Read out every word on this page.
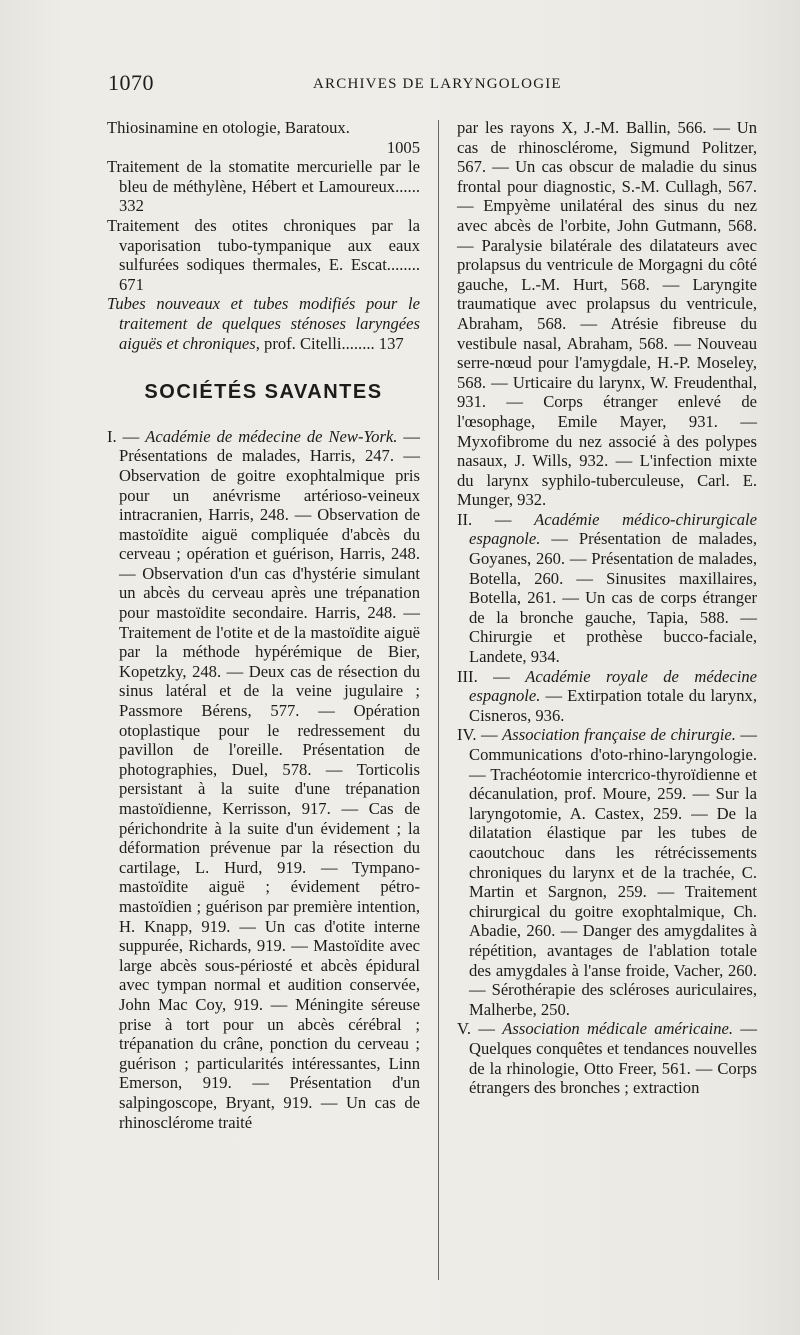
1070	ARCHIVES DE LARYNGOLOGIE

Thiosinamine en otologie, Baratoux.

1005

Traitement de la stomatite mercurielle par le bleu de méthylène, Hébert et Lamoureux...... 332

Traitement des otites chroniques par la vaporisation tubo-tympanique aux eaux sulfurées sodiques thermales, E. Escat........ 671

Tubes nouveaux et tubes modifiés pour le traitement de quelques sténoses laryngées aiguës et chroniques, prof. Citelli........ 137

SOCIÉTÉS SAVANTES

I. — Académie de médecine de New-York. — Présentations de malades, Harris, 247. — Observation de goitre exophtalmique pris pour un anévrisme artérioso-veineux intracranien, Harris, 248. — Observation de mastoïdite aiguë compliquée d'abcès du cerveau ; opération et guérison, Harris, 248. — Observation d'un cas d'hystérie simulant un abcès du cerveau après une trépanation pour mastoïdite secondaire. Harris, 248. — Traitement de l'otite et de la mastoïdite aiguë par la méthode hypérémique de Bier, Kopetzky, 248. — Deux cas de résection du sinus latéral et de la veine jugulaire ; Passmore Bérens, 577. — Opération otoplastique pour le redressement du pavillon de l'oreille. Présentation de photographies, Duel, 578. — Torticolis persistant à la suite d'une trépanation mastoïdienne, Kerrisson, 917. — Cas de périchondrite à la suite d'un évidement ; la déformation prévenue par la résection du cartilage, L. Hurd, 919. — Tympano-mastoïdite aiguë ; évidement pétro-mastoïdien ; guérison par première intention, H. Knapp, 919. — Un cas d'otite interne suppurée, Richards, 919. — Mastoïdite avec large abcès sous-périosté et abcès épidural avec tympan normal et audition conservée, John Mac Coy, 919. — Méningite séreuse prise à tort pour un abcès cérébral ; trépanation du crâne, ponction du cerveau ; guérison ; particularités intéressantes, Linn Emerson, 919. — Présentation d'un salpingoscope, Bryant, 919. — Un cas de rhinosclérome traité

par les rayons X, J.-M. Ballin, 566. — Un cas de rhinosclérome, Sigmund Politzer, 567. — Un cas obscur de maladie du sinus frontal pour diagnostic, S.-M. Cullagh, 567. — Empyème unilatéral des sinus du nez avec abcès de l'orbite, John Gutmann, 568. — Paralysie bilatérale des dilatateurs avec prolapsus du ventricule de Morgagni du côté gauche, L.-M. Hurt, 568. — Laryngite traumatique avec prolapsus du ventricule, Abraham, 568. — Atrésie fibreuse du vestibule nasal, Abraham, 568. — Nouveau serre-nœud pour l'amygdale, H.-P. Moseley, 568. — Urticaire du larynx, W. Freudenthal, 931. — Corps étranger enlevé de l'œsophage, Emile Mayer, 931. — Myxofibrome du nez associé à des polypes nasaux, J. Wills, 932. — L'infection mixte du larynx syphilo-tuberculeuse, Carl. E. Munger, 932.

II. — Académie médico-chirurgicale espagnole. — Présentation de malades, Goyanes, 260. — Présentation de malades, Botella, 260. — Sinusites maxillaires, Botella, 261. — Un cas de corps étranger de la bronche gauche, Tapia, 588. — Chirurgie et prothèse bucco-faciale, Landete, 934.

III. — Académie royale de médecine espagnole. — Extirpation totale du larynx, Cisneros, 936.

IV. — Association française de chirurgie. — Communications d'oto-rhino-laryngologie. — Trachéotomie intercrico-thyroïdienne et décanulation, prof. Moure, 259. — Sur la laryngotomie, A. Castex, 259. — De la dilatation élastique par les tubes de caoutchouc dans les rétrécissements chroniques du larynx et de la trachée, C. Martin et Sargnon, 259. — Traitement chirurgical du goitre exophtalmique, Ch. Abadie, 260. — Danger des amygdalites à répétition, avantages de l'ablation totale des amygdales à l'anse froide, Vacher, 260. — Sérothérapie des scléroses auriculaires, Malherbe, 250.

V. — Association médicale américaine. — Quelques conquêtes et tendances nouvelles de la rhinologie, Otto Freer, 561. — Corps étrangers des bronches ; extraction
